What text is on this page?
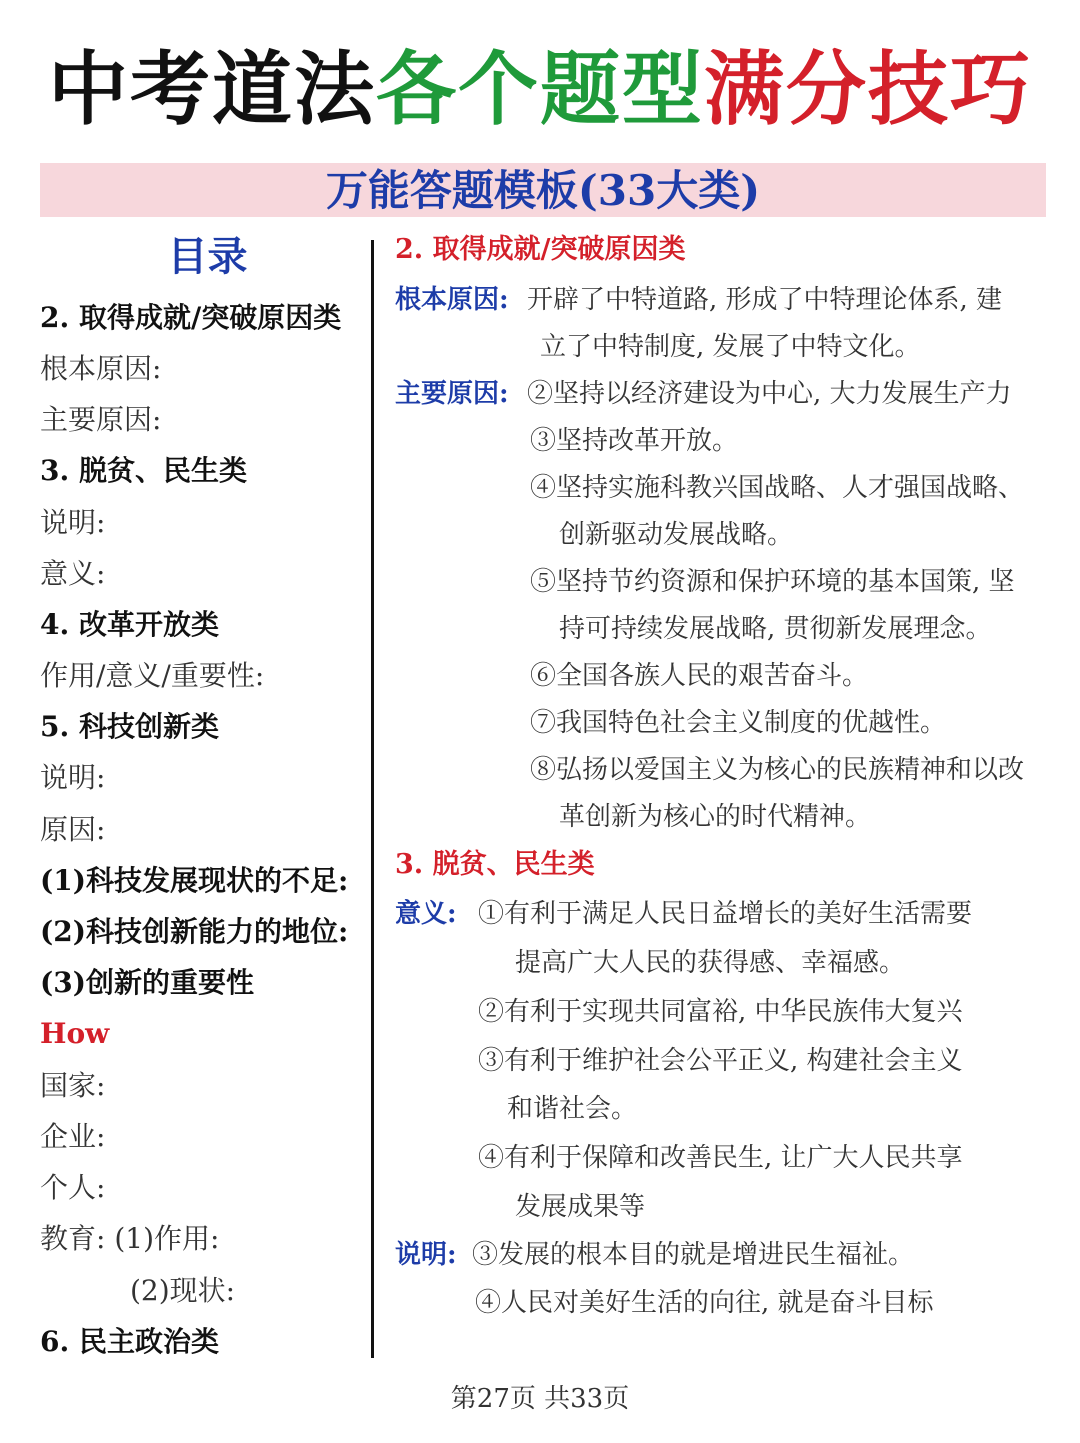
中考道法各个题型满分技巧
万能答题模板(33大类)
目录
2. 取得成就/突破原因类
根本原因:
主要原因:
3. 脱贫、民生类
说明:
意义:
4. 改革开放类
作用/意义/重要性:
5. 科技创新类
说明:
原因:
(1)科技发展现状的不足:
(2)科技创新能力的地位:
(3)创新的重要性
How
国家:
企业:
个人:
教育: (1)作用:
(2)现状:
6. 民主政治类
2. 取得成就/突破原因类
根本原因: 开辟了中特道路, 形成了中特理论体系, 建
立了中特制度, 发展了中特文化。
主要原因: ②坚持以经济建设为中心, 大力发展生产力
③坚持改革开放。
④坚持实施科教兴国战略、人才强国战略、
创新驱动发展战略。
⑤坚持节约资源和保护环境的基本国策, 坚
持可持续发展战略, 贯彻新发展理念。
⑥全国各族人民的艰苦奋斗。
⑦我国特色社会主义制度的优越性。
⑧弘扬以爱国主义为核心的民族精神和以改
革创新为核心的时代精神。
3. 脱贫、民生类
意义: ①有利于满足人民日益增长的美好生活需要
提高广大人民的获得感、幸福感。
②有利于实现共同富裕, 中华民族伟大复兴
③有利于维护社会公平正义, 构建社会主义
和谐社会。
④有利于保障和改善民生, 让广大人民共享
发展成果等
说明: ③发展的根本目的就是增进民生福祉。
④人民对美好生活的向往, 就是奋斗目标
第27页 共33页
